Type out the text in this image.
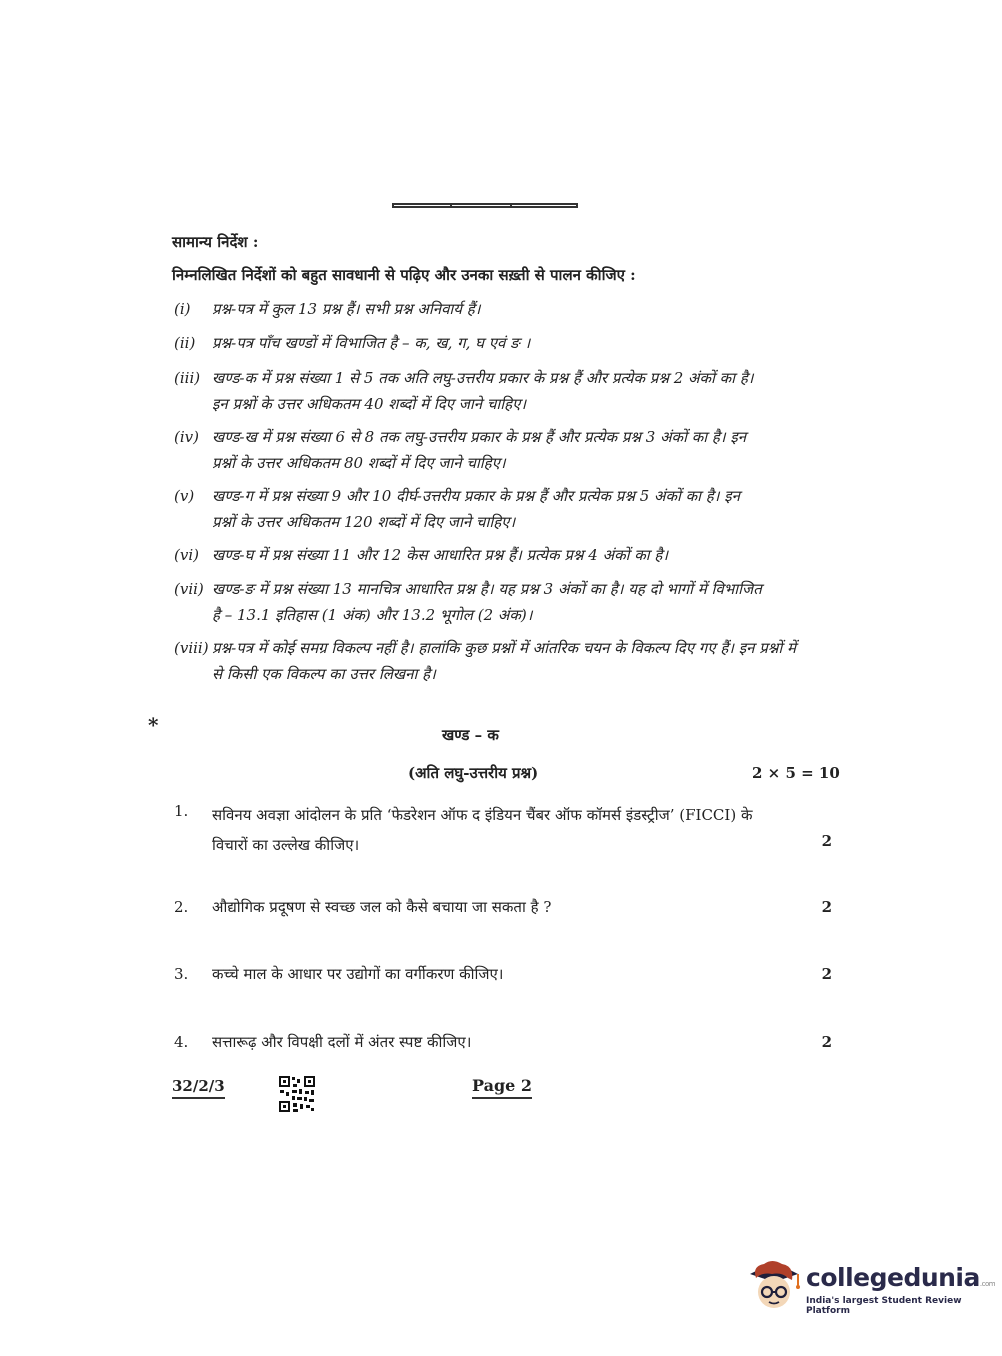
सामान्य निर्देश :
निम्नलिखित निर्देशों को बहुत सावधानी से पढ़िए और उनका सख़्ती से पालन कीजिए :
(i)	प्रश्न-पत्र में कुल 13 प्रश्न हैं। सभी प्रश्न अनिवार्य हैं।
(ii)	प्रश्न-पत्र पाँच खण्डों में विभाजित है – क, ख, ग, घ एवं ङ ।
(iii) खण्ड-क में प्रश्न संख्या 1 से 5 तक अति लघु-उत्तरीय प्रकार के प्रश्न हैं और प्रत्येक प्रश्न 2 अंकों का है।
इन प्रश्नों के उत्तर अधिकतम 40 शब्दों में दिए जाने चाहिए।
(iv) खण्ड-ख में प्रश्न संख्या 6 से 8 तक लघु-उत्तरीय प्रकार के प्रश्न हैं और प्रत्येक प्रश्न 3 अंकों का है। इन
प्रश्नों के उत्तर अधिकतम 80 शब्दों में दिए जाने चाहिए।
(v)	खण्ड-ग में प्रश्न संख्या 9 और 10 दीर्घ-उत्तरीय प्रकार के प्रश्न हैं और प्रत्येक प्रश्न 5 अंकों का है। इन
प्रश्नों के उत्तर अधिकतम 120 शब्दों में दिए जाने चाहिए।
(vi) खण्ड-घ में प्रश्न संख्या 11 और 12 केस आधारित प्रश्न हैं। प्रत्येक प्रश्न 4 अंकों का है।
(vii) खण्ड-ङ में प्रश्न संख्या 13 मानचित्र आधारित प्रश्न है। यह प्रश्न 3 अंकों का है। यह दो भागों में विभाजित
है – 13.1 इतिहास (1 अंक) और 13.2 भूगोल (2 अंक)।
(viii) प्रश्न-पत्र में कोई समग्र विकल्प नहीं है। हालांकि कुछ प्रश्नों में आंतरिक चयन के विकल्प दिए गए हैं। इन प्रश्नों में
से किसी एक विकल्प का उत्तर लिखना है।
*	खण्ड – क
(अति लघु-उत्तरीय प्रश्न)	2 × 5 = 10
1. सविनय अवज्ञा आंदोलन के प्रति ‘फेडरेशन ऑफ द इंडियन चैंबर ऑफ कॉमर्स इंडस्ट्रीज’ (FICCI) के विचारों का उल्लेख कीजिए।	2
2. औद्योगिक प्रदूषण से स्वच्छ जल को कैसे बचाया जा सकता है ?	2
3. कच्चे माल के आधार पर उद्योगों का वर्गीकरण कीजिए।	2
4. सत्तारूढ़ और विपक्षी दलों में अंतर स्पष्ट कीजिए।	2
32/2/3	Page 2
collegedunia.com
India's largest Student Review Platform
